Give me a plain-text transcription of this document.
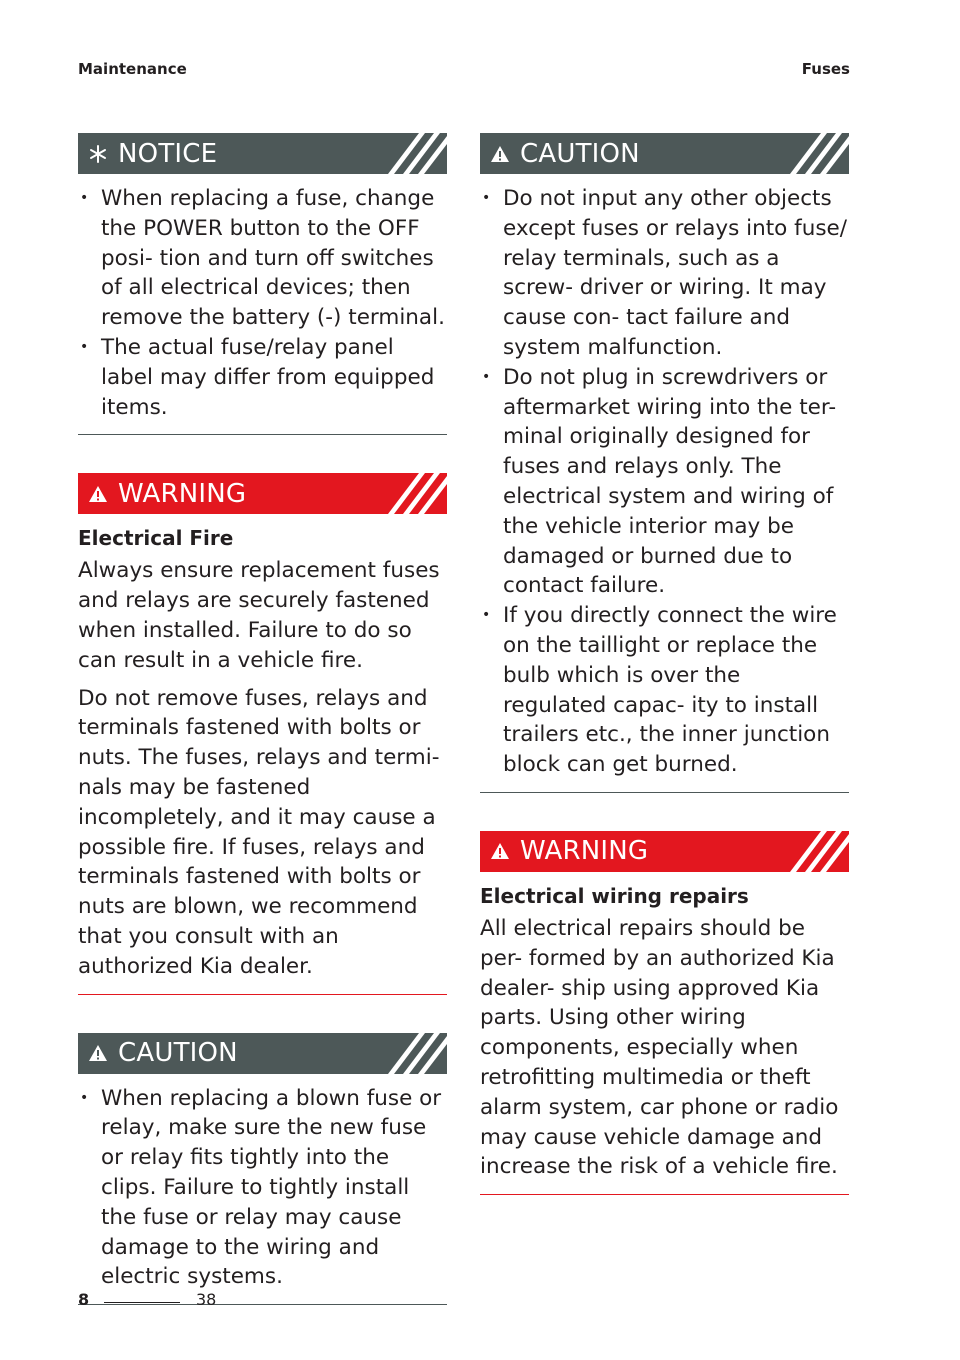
Maintenance	Fuses
NOTICE
• When replacing a fuse, change the POWER button to the OFF posi- tion and turn off switches of all electrical devices; then remove the battery (-) terminal.
• The actual fuse/relay panel label may differ from equipped items.
WARNING
Electrical Fire

Always ensure replacement fuses and relays are securely fastened when installed. Failure to do so can result in a vehicle fire.

Do not remove fuses, relays and terminals fastened with bolts or nuts. The fuses, relays and termi- nals may be fastened incompletely, and it may cause a possible fire. If fuses, relays and terminals fastened with bolts or nuts are blown, we recommend that you consult with an authorized Kia dealer.

CAUTION
• When replacing a blown fuse or relay, make sure the new fuse or relay fits tightly into the clips. Failure to tightly install the fuse or relay may cause damage to the wiring and electric systems.
CAUTION
• Do not input any other objects except fuses or relays into fuse/ relay terminals, such as a screw- driver or wiring. It may cause con- tact failure and system malfunction.
• Do not plug in screwdrivers or aftermarket wiring into the ter- minal originally designed for fuses and relays only. The electrical system and wiring of the vehicle interior may be damaged or burned due to contact failure.
• If you directly connect the wire on the taillight or replace the bulb which is over the regulated capac- ity to install trailers etc., the inner junction block can get burned.
WARNING
Electrical wiring repairs

All electrical repairs should be per- formed by an authorized Kia dealer- ship using approved Kia parts. Using other wiring components, especially when retrofitting multimedia or theft alarm system, car phone or radio may cause vehicle damage and increase the risk of a vehicle fire.

8	38
